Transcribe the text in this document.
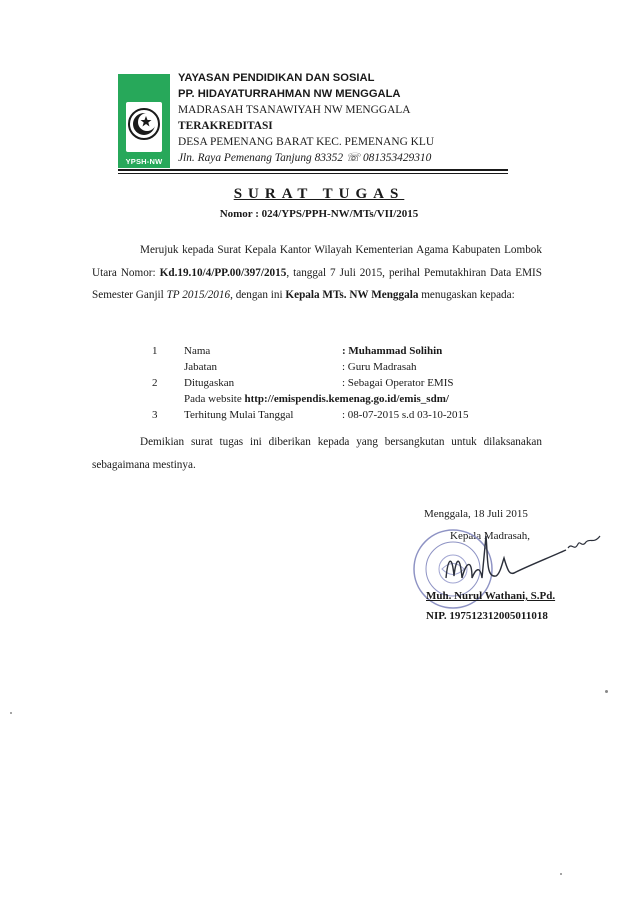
YPSH-NW
YAYASAN PENDIDIKAN DAN SOSIAL
PP. HIDAYATURRAHMAN NW MENGGALA
MADRASAH TSANAWIYAH NW MENGGALA
TERAKREDITASI
DESA PEMENANG BARAT KEC. PEMENANG KLU
Jln. Raya Pemenang Tanjung 83352 ☏ 081353429310
SURAT TUGAS
Nomor : 024/YPS/PPH-NW/MTs/VII/2015
Merujuk kepada Surat Kepala Kantor Wilayah Kementerian Agama Kabupaten Lombok Utara Nomor: Kd.19.10/4/PP.00/397/2015, tanggal 7 Juli 2015, perihal Pemutakhiran Data EMIS Semester Ganjil TP 2015/2016, dengan ini Kepala MTs. NW Menggala menugaskan kepada:
1 Nama	: Muhammad Solihin
Jabatan	: Guru Madrasah
2 Ditugaskan	: Sebagai Operator EMIS
Pada website http://emispendis.kemenag.go.id/emis_sdm/
3 Terhitung Mulai Tanggal	: 08-07-2015 s.d 03-10-2015
Demikian surat tugas ini diberikan kepada yang bersangkutan untuk dilaksanakan sebagaimana mestinya.
Menggala, 18 Juli 2015
Kepala Madrasah,
Muh. Nurul Wathani, S.Pd.
NIP. 197512312005011018
